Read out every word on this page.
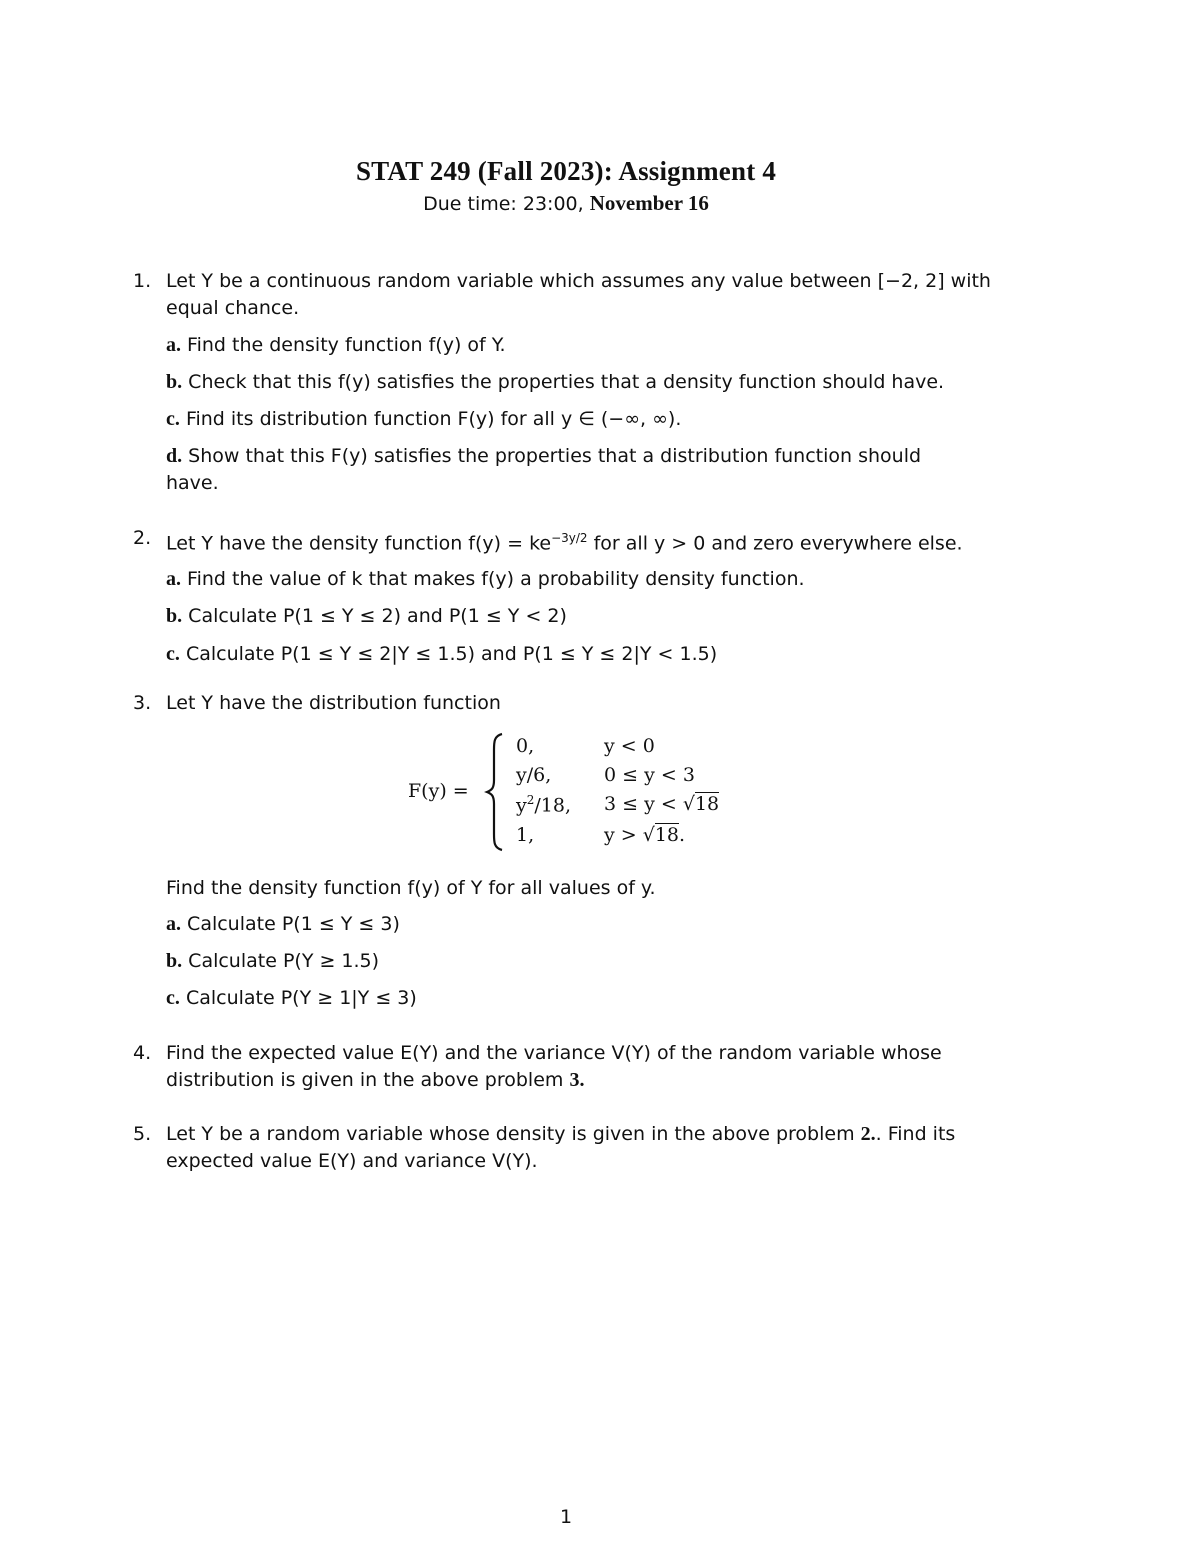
STAT 249 (Fall 2023): Assignment 4
Due time: 23:00, November 16
1. Let Y be a continuous random variable which assumes any value between [−2, 2] with
equal chance.
a. Find the density function f(y) of Y.
b. Check that this f(y) satisfies the properties that a density function should have.
c. Find its distribution function F(y) for all y ∈ (−∞, ∞).
d. Show that this F(y) satisfies the properties that a distribution function should
have.
2. Let Y have the density function $f(y) = ke^{-3y/2}$ for all y > 0 and zero everywhere else.
a. Find the value of k that makes f(y) a probability density function.
b. Calculate P(1 ≤ Y ≤ 2) and P(1 ≤ Y < 2)
c. Calculate P(1 ≤ Y ≤ 2|Y ≤ 1.5) and P(1 ≤ Y ≤ 2|Y < 1.5)
3. Let Y have the distribution function
F(y) =
0,	y < 0
y/6,	0 ≤ y < 3
$y^2/18$, 3 ≤ y < √18
1,	y > √18.
Find the density function f(y) of Y for all values of y.
a. Calculate P(1 ≤ Y ≤ 3)
b. Calculate P(Y ≥ 1.5)
c. Calculate P(Y ≥ 1|Y ≤ 3)
4. Find the expected value E(Y) and the variance V(Y) of the random variable whose
distribution is given in the above problem 3.
5. Let Y be a random variable whose density is given in the above problem 2.. Find its
expected value E(Y) and variance V(Y).
1
